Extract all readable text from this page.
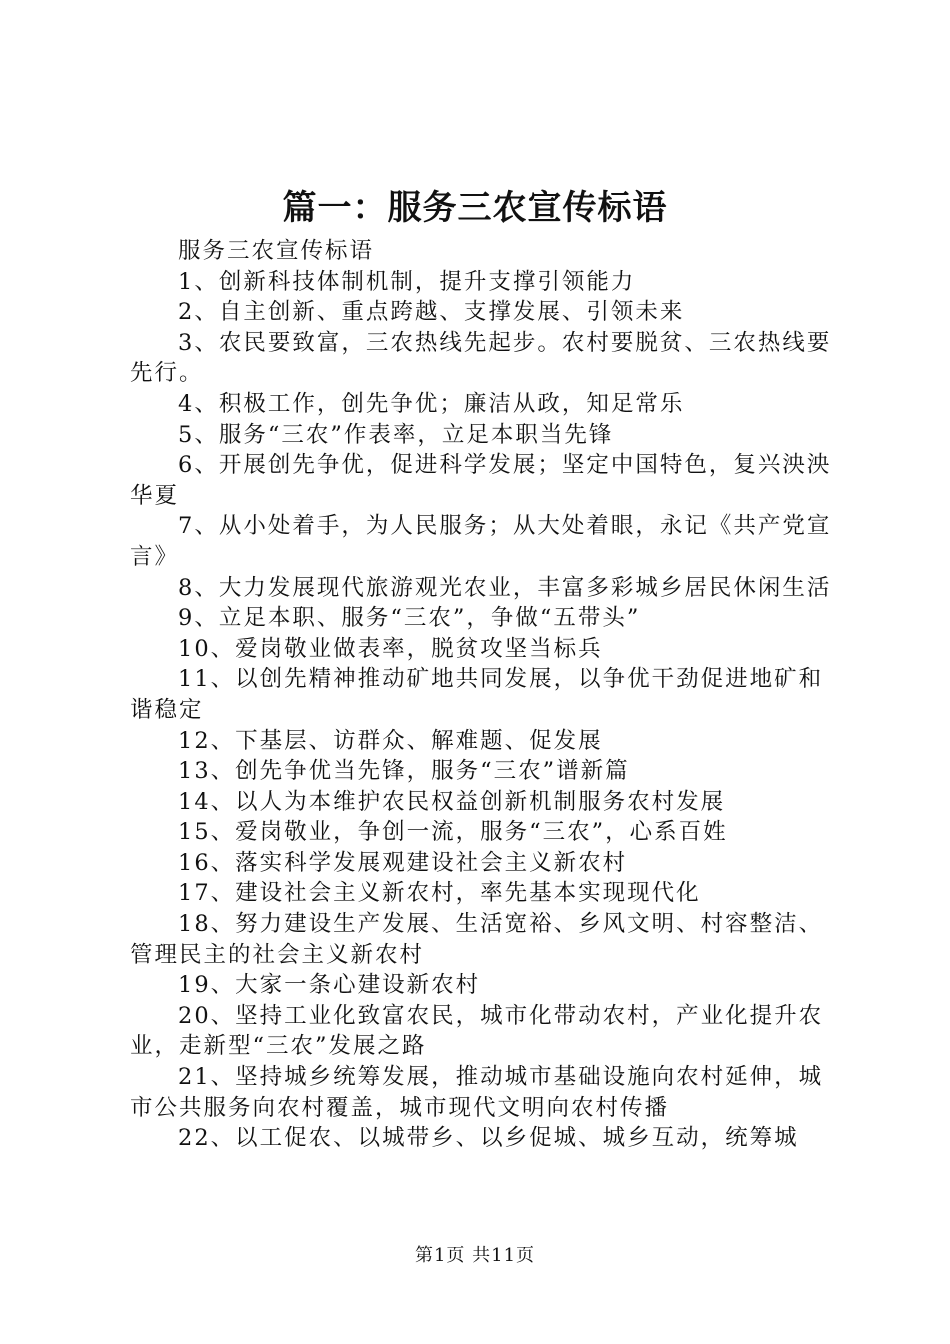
篇一：服务三农宣传标语

服务三农宣传标语

1、创新科技体制机制，提升支撑引领能力

2、自主创新、重点跨越、支撑发展、引领未来

3、农民要致富，三农热线先起步。农村要脱贫、三农热线要先行。

4、积极工作，创先争优；廉洁从政，知足常乐

5、服务“三农”作表率，立足本职当先锋

6、开展创先争优，促进科学发展；坚定中国特色，复兴泱泱华夏

7、从小处着手，为人民服务；从大处着眼，永记《共产党宣言》

8、大力发展现代旅游观光农业，丰富多彩城乡居民休闲生活

9、立足本职、服务“三农”，争做“五带头”

10、爱岗敬业做表率，脱贫攻坚当标兵

11、以创先精神推动矿地共同发展，以争优干劲促进地矿和谐稳定

12、下基层、访群众、解难题、促发展

13、创先争优当先锋，服务“三农”谱新篇

14、以人为本维护农民权益创新机制服务农村发展

15、爱岗敬业，争创一流，服务“三农”，心系百姓

16、落实科学发展观建设社会主义新农村

17、建设社会主义新农村，率先基本实现现代化

18、努力建设生产发展、生活宽裕、乡风文明、村容整洁、管理民主的社会主义新农村

19、大家一条心建设新农村

20、坚持工业化致富农民，城市化带动农村，产业化提升农业，走新型“三农”发展之路

21、坚持城乡统筹发展，推动城市基础设施向农村延伸，城市公共服务向农村覆盖，城市现代文明向农村传播

22、以工促农、以城带乡、以乡促城、城乡互动，统筹城

第1页 共11页
